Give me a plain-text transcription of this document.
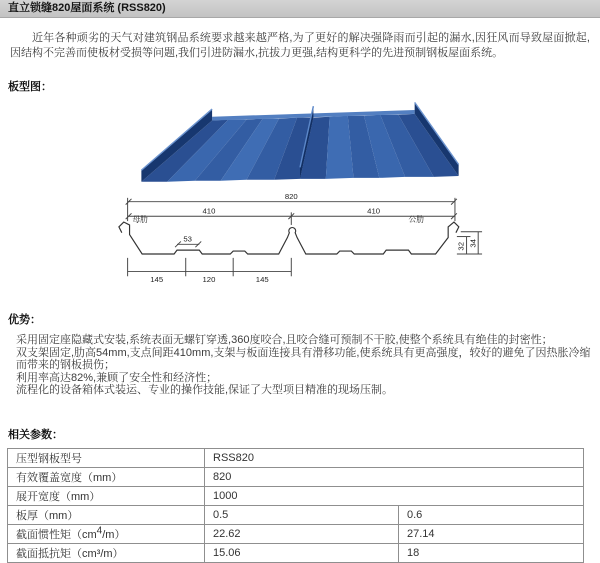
直立锁缝820屋面系统 (RSS820)

近年各种顽劣的天气对建筑钢品系统要求越来越严格,为了更好的解决强降雨而引起的漏水,因狂风而导致屋面掀起,因结构不完善而使板材受损等问题,我们引进防漏水,抗拔力更强,结构更科学的先进预制钢板屋面系统。

板型图：
820
410	410
母肋	公肋
53
145	120	145
32 34
优势：
采用固定座隐藏式安装,系统表面无螺钉穿透,360度咬合,且咬合缝可预制不干胶,使整个系统具有绝佳的封密性；
双支架固定,肋高54mm,支点间距410mm,支架与板面连接具有滑移功能,使系统具有更高强度，较好的避免了因热胀冷缩而带来的钢板损伤；
利用率高达82%,兼顾了安全性和经济性；
流程化的设备箱体式装运、专业的操作技能,保证了大型项目精准的现场压制。
相关参数：
压型钢板型号	RSS820	
有效覆盖宽度（mm）	820	
展开宽度（mm）	1000	
板厚（mm）	0.5	0.6
截面惯性矩（cm4/m）	22.62	27.14
截面抵抗矩（cm³/m）	15.06	18
